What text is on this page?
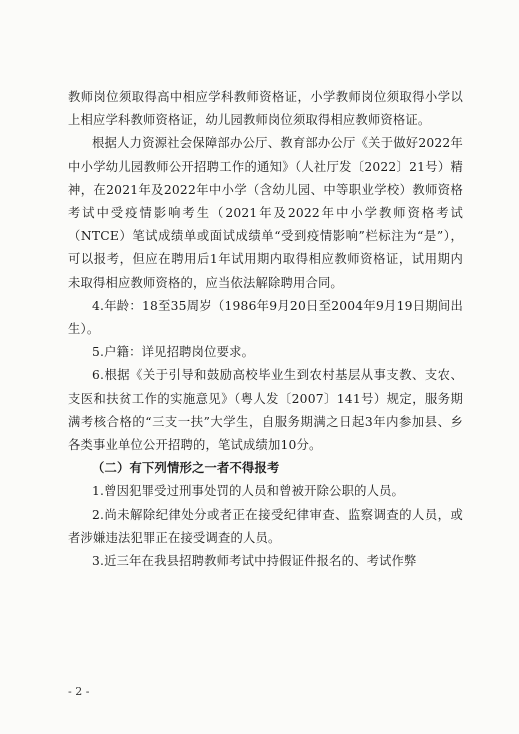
教师岗位须取得高中相应学科教师资格证，小学教师岗位须取得小学以上相应学科教师资格证，幼儿园教师岗位须取得相应教师资格证。

根据人力资源社会保障部办公厅、教育部办公厅《关于做好2022年中小学幼儿园教师公开招聘工作的通知》（人社厅发〔2022〕21号）精神，在2021年及2022年中小学（含幼儿园、中等职业学校）教师资格考试中受疫情影响考生（2021年及2022年中小学教师资格考试（NTCE）笔试成绩单或面试成绩单“受到疫情影响”栏标注为“是”），可以报考，但应在聘用后1年试用期内取得相应教师资格证，试用期内未取得相应教师资格的，应当依法解除聘用合同。

4.年龄：18至35周岁（1986年9月20日至2004年9月19日期间出生）。

5.户籍：详见招聘岗位要求。

6.根据《关于引导和鼓励高校毕业生到农村基层从事支教、支农、支医和扶贫工作的实施意见》（粤人发〔2007〕141号）规定，服务期满考核合格的“三支一扶”大学生，自服务期满之日起3年内参加县、乡各类事业单位公开招聘的，笔试成绩加10分。

（二）有下列情形之一者不得报考

1.曾因犯罪受过刑事处罚的人员和曾被开除公职的人员。

2.尚未解除纪律处分或者正在接受纪律审查、监察调查的人员，或者涉嫌违法犯罪正在接受调查的人员。

3.近三年在我县招聘教师考试中持假证件报名的、考试作弊

- 2 -
